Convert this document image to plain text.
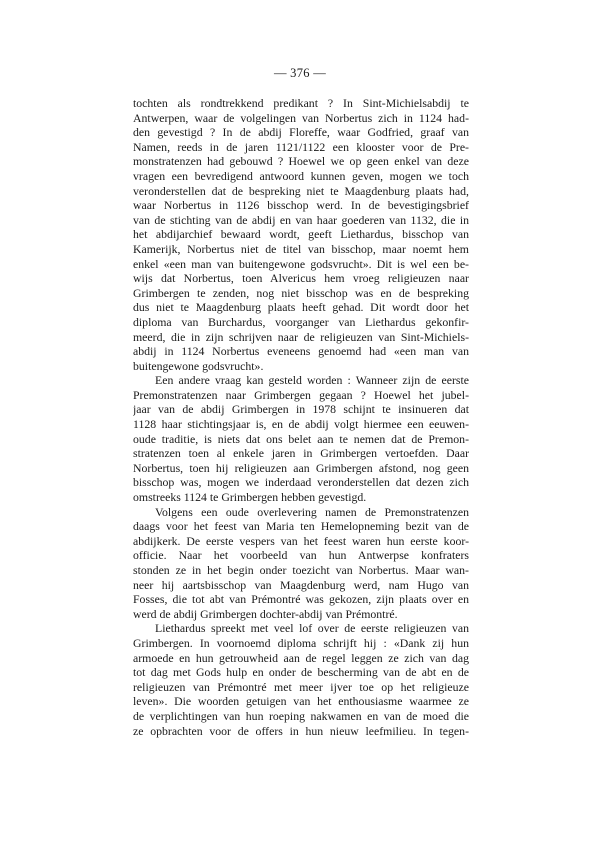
— 376 —
tochten als rondtrekkend predikant ? In Sint-Michielsabdij te
Antwerpen, waar de volgelingen van Norbertus zich in 1124 had-
den gevestigd ? In de abdij Floreffe, waar Godfried, graaf van
Namen, reeds in de jaren 1121/1122 een klooster voor de Pre-
monstratenzen had gebouwd ? Hoewel we op geen enkel van deze
vragen een bevredigend antwoord kunnen geven, mogen we toch
veronderstellen dat de bespreking niet te Maagdenburg plaats had,
waar Norbertus in 1126 bisschop werd. In de bevestigingsbrief
van de stichting van de abdij en van haar goederen van 1132, die in
het abdijarchief bewaard wordt, geeft Liethardus, bisschop van
Kamerijk, Norbertus niet de titel van bisschop, maar noemt hem
enkel «een man van buitengewone godsvrucht». Dit is wel een be-
wijs dat Norbertus, toen Alvericus hem vroeg religieuzen naar
Grimbergen te zenden, nog niet bisschop was en de bespreking
dus niet te Maagdenburg plaats heeft gehad. Dit wordt door het
diploma van Burchardus, voorganger van Liethardus gekonfir-
meerd, die in zijn schrijven naar de religieuzen van Sint-Michiels-
abdij in 1124 Norbertus eveneens genoemd had «een man van
buitengewone godsvrucht».
Een andere vraag kan gesteld worden : Wanneer zijn de eerste
Premonstratenzen naar Grimbergen gegaan ? Hoewel het jubel-
jaar van de abdij Grimbergen in 1978 schijnt te insinueren dat
1128 haar stichtingsjaar is, en de abdij volgt hiermee een eeuwen-
oude traditie, is niets dat ons belet aan te nemen dat de Premon-
stratenzen toen al enkele jaren in Grimbergen vertoefden. Daar
Norbertus, toen hij religieuzen aan Grimbergen afstond, nog geen
bisschop was, mogen we inderdaad veronderstellen dat dezen zich
omstreeks 1124 te Grimbergen hebben gevestigd.
Volgens een oude overlevering namen de Premonstratenzen
daags voor het feest van Maria ten Hemelopneming bezit van de
abdijkerk. De eerste vespers van het feest waren hun eerste koor-
officie. Naar het voorbeeld van hun Antwerpse konfraters
stonden ze in het begin onder toezicht van Norbertus. Maar wan-
neer hij aartsbisschop van Maagdenburg werd, nam Hugo van
Fosses, die tot abt van Prémontré was gekozen, zijn plaats over en
werd de abdij Grimbergen dochter-abdij van Prémontré.
Liethardus spreekt met veel lof over de eerste religieuzen van
Grimbergen. In voornoemd diploma schrijft hij : «Dank zij hun
armoede en hun getrouwheid aan de regel leggen ze zich van dag
tot dag met Gods hulp en onder de bescherming van de abt en de
religieuzen van Prémontré met meer ijver toe op het religieuze
leven». Die woorden getuigen van het enthousiasme waarmee ze
de verplichtingen van hun roeping nakwamen en van de moed die
ze opbrachten voor de offers in hun nieuw leefmilieu. In tegen-
